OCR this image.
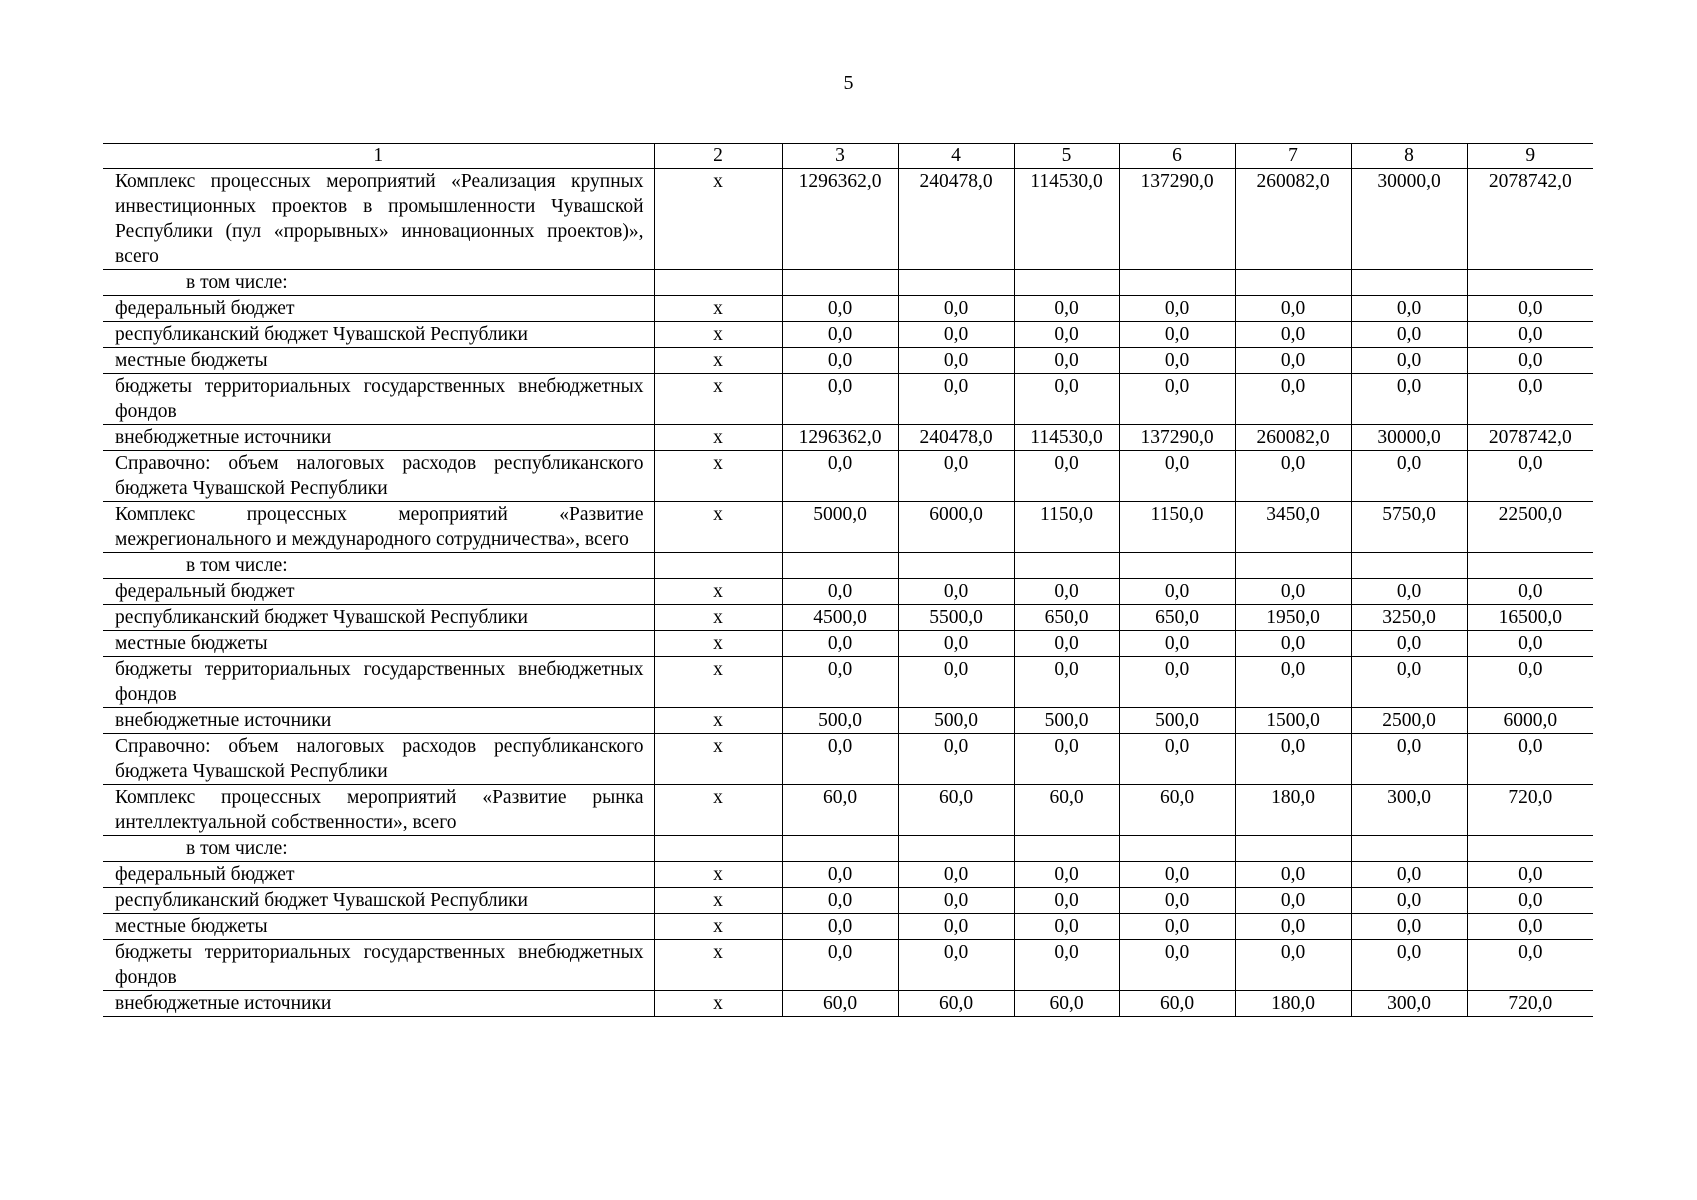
5
1	2	3	4	5	6	7	8	9
Комплекс процессных мероприятий «Реализация крупных инвестиционных проектов в промышленности Чувашской Республики (пул «прорывных» инновационных проектов)», всего	х	1296362,0	240478,0	114530,0	137290,0	260082,0	30000,0	2078742,0
в том числе:								
федеральный бюджет	х	0,0	0,0	0,0	0,0	0,0	0,0	0,0
республиканский бюджет Чувашской Республики	х	0,0	0,0	0,0	0,0	0,0	0,0	0,0
местные бюджеты	х	0,0	0,0	0,0	0,0	0,0	0,0	0,0
бюджеты территориальных государственных внебюджетных фондов	х	0,0	0,0	0,0	0,0	0,0	0,0	0,0
внебюджетные источники	х	1296362,0	240478,0	114530,0	137290,0	260082,0	30000,0	2078742,0
Справочно: объем налоговых расходов республиканского бюджета Чувашской Республики	х	0,0	0,0	0,0	0,0	0,0	0,0	0,0
Комплекс процессных мероприятий «Развитие межрегионального и международного сотрудничества», всего	х	5000,0	6000,0	1150,0	1150,0	3450,0	5750,0	22500,0
в том числе:								
федеральный бюджет	х	0,0	0,0	0,0	0,0	0,0	0,0	0,0
республиканский бюджет Чувашской Республики	х	4500,0	5500,0	650,0	650,0	1950,0	3250,0	16500,0
местные бюджеты	х	0,0	0,0	0,0	0,0	0,0	0,0	0,0
бюджеты территориальных государственных внебюджетных фондов	х	0,0	0,0	0,0	0,0	0,0	0,0	0,0
внебюджетные источники	х	500,0	500,0	500,0	500,0	1500,0	2500,0	6000,0
Справочно: объем налоговых расходов республиканского бюджета Чувашской Республики	х	0,0	0,0	0,0	0,0	0,0	0,0	0,0
Комплекс процессных мероприятий «Развитие рынка интеллектуальной собственности», всего	х	60,0	60,0	60,0	60,0	180,0	300,0	720,0
в том числе:								
федеральный бюджет	х	0,0	0,0	0,0	0,0	0,0	0,0	0,0
республиканский бюджет Чувашской Республики	х	0,0	0,0	0,0	0,0	0,0	0,0	0,0
местные бюджеты	х	0,0	0,0	0,0	0,0	0,0	0,0	0,0
бюджеты территориальных государственных внебюджетных фондов	х	0,0	0,0	0,0	0,0	0,0	0,0	0,0
внебюджетные источники	х	60,0	60,0	60,0	60,0	180,0	300,0	720,0
